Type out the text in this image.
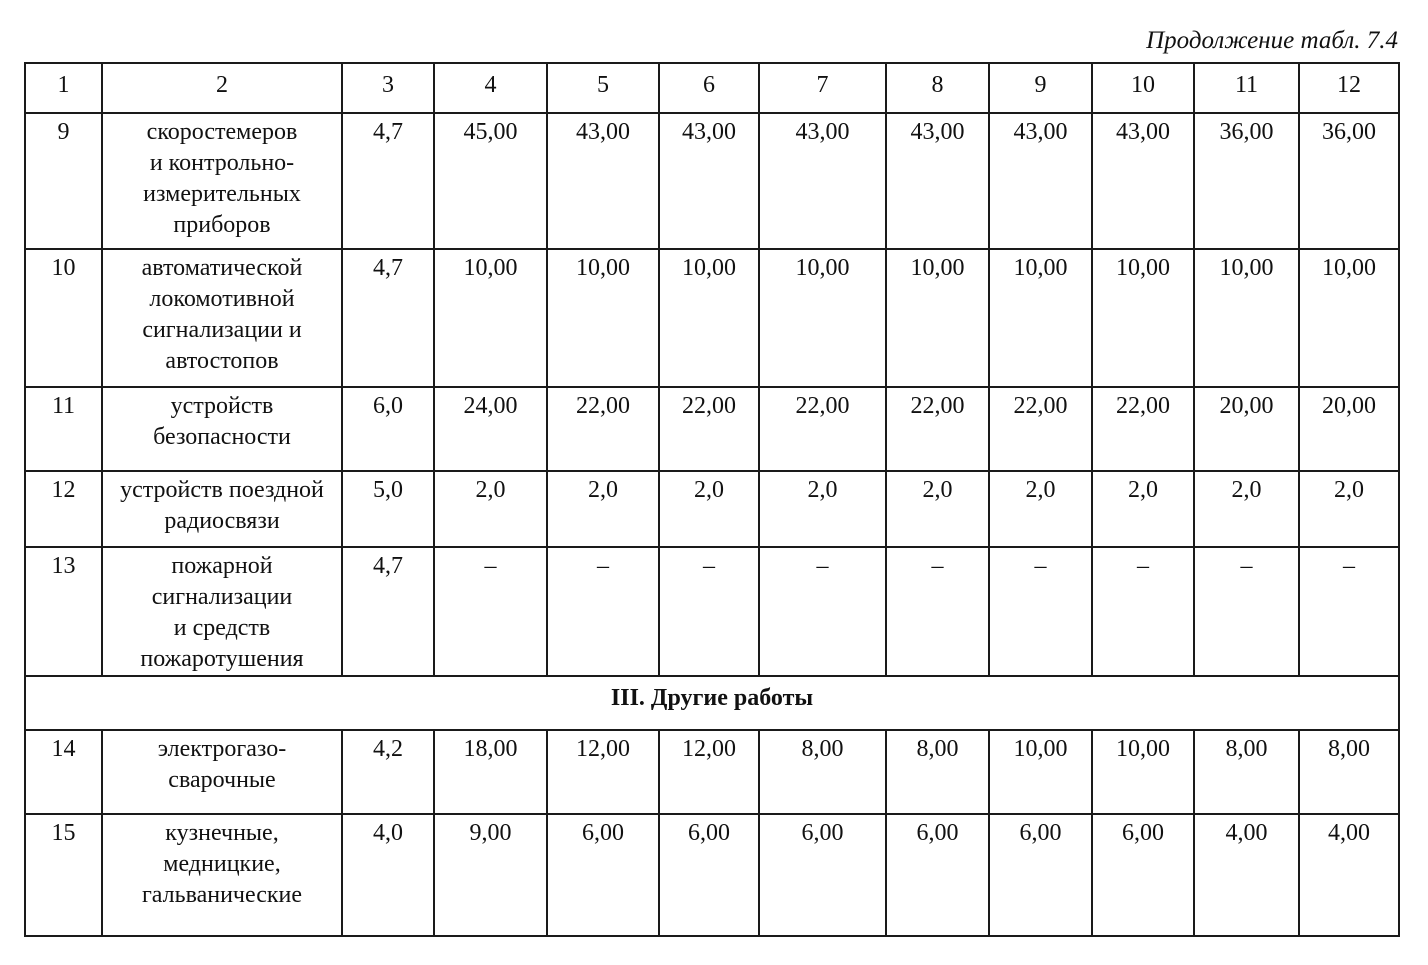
Продолжение табл. 7.4
1	2	3	4	5	6	7	8	9	10	11	12
9	скоростемеров
и контрольно-
измерительных
приборов	4,7	45,00	43,00	43,00	43,00	43,00	43,00	43,00	36,00	36,00
10	автоматической
локомотивной
сигнализации и
автостопов	4,7	10,00	10,00	10,00	10,00	10,00	10,00	10,00	10,00	10,00
11	устройств
безопасности	6,0	24,00	22,00	22,00	22,00	22,00	22,00	22,00	20,00	20,00
12	устройств поездной
радиосвязи	5,0	2,0	2,0	2,0	2,0	2,0	2,0	2,0	2,0	2,0
13	пожарной
сигнализации
и средств
пожаротушения	4,7	–	–	–	–	–	–	–	–	–
III. Другие работы											
14	электрогазо-
сварочные	4,2	18,00	12,00	12,00	8,00	8,00	10,00	10,00	8,00	8,00
15	кузнечные,
медницкие,
гальванические	4,0	9,00	6,00	6,00	6,00	6,00	6,00	6,00	4,00	4,00
